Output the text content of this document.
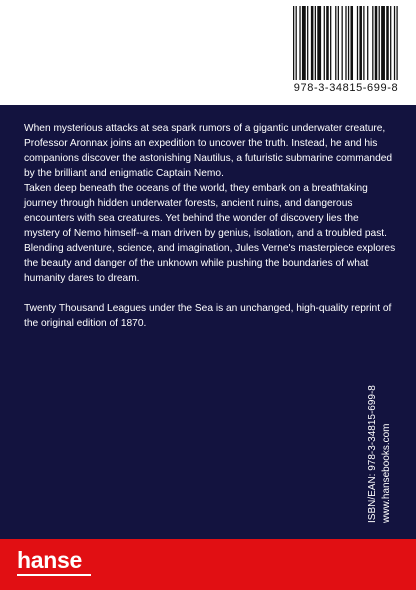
978-3-34815-699-8

When mysterious attacks at sea spark rumors of a gigantic underwater creature, Professor Aronnax joins an expedition to uncover the truth. Instead, he and his companions discover the astonishing Nautilus, a futuristic submarine commanded by the brilliant and enigmatic Captain Nemo.

Taken deep beneath the oceans of the world, they embark on a breathtaking journey through hidden underwater forests, ancient ruins, and dangerous encounters with sea creatures. Yet behind the wonder of discovery lies the mystery of Nemo himself--a man driven by genius, isolation, and a troubled past.

Blending adventure, science, and imagination, Jules Verne's masterpiece explores the beauty and danger of the unknown while pushing the boundaries of what humanity dares to dream.

Twenty Thousand Leagues under the Sea is an unchanged, high-quality reprint of the original edition of 1870.

ISBN/EAN: 978-3-34815-699-8 www.hansebooks.com
hanse
